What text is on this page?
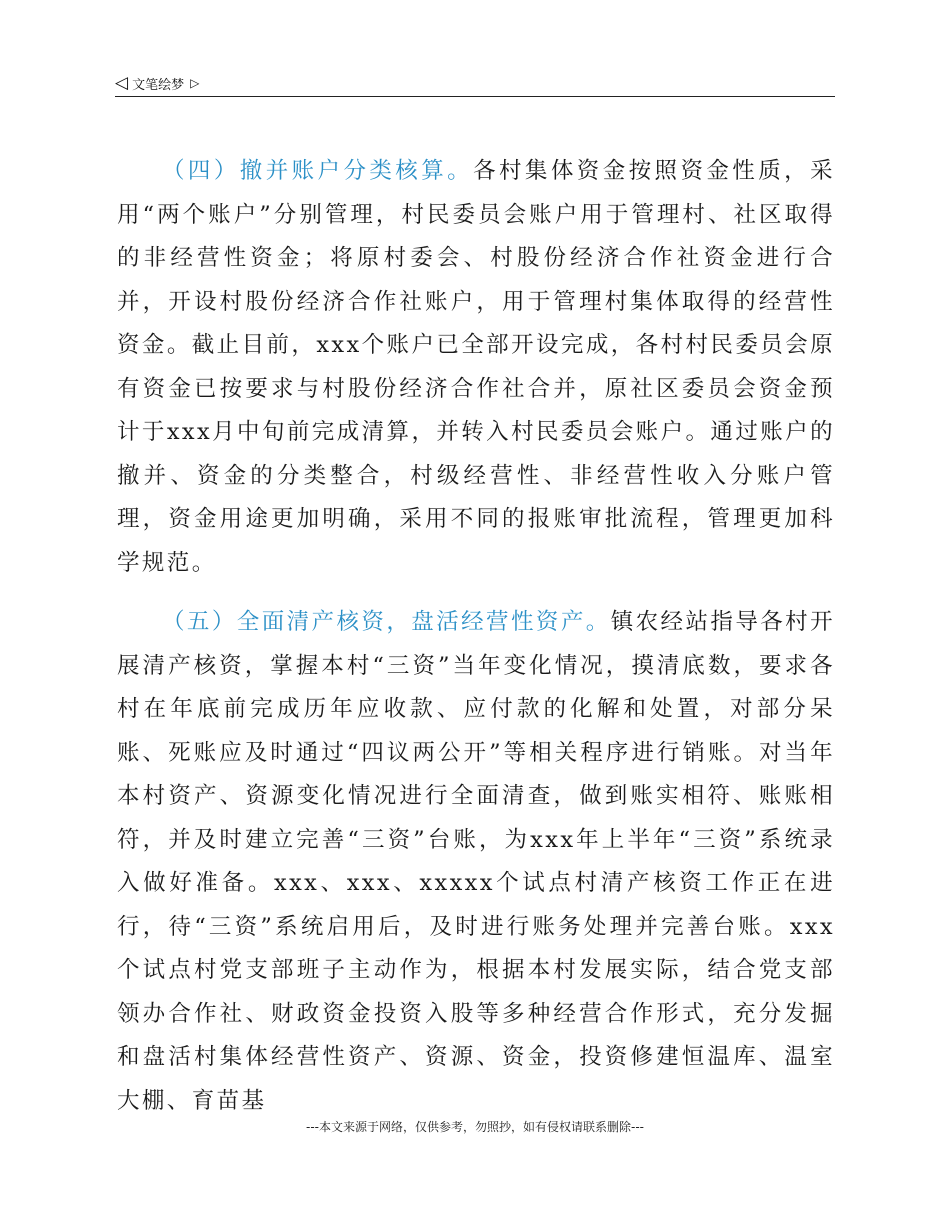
◁ 文笔绘梦 ▷

（四）撤并账户分类核算。各村集体资金按照资金性质，采用“两个账户”分别管理，村民委员会账户用于管理村、社区取得的非经营性资金；将原村委会、村股份经济合作社资金进行合并，开设村股份经济合作社账户，用于管理村集体取得的经营性资金。截止目前，xxx个账户已全部开设完成，各村村民委员会原有资金已按要求与村股份经济合作社合并，原社区委员会资金预计于xxx月中旬前完成清算，并转入村民委员会账户。通过账户的撤并、资金的分类整合，村级经营性、非经营性收入分账户管理，资金用途更加明确，采用不同的报账审批流程，管理更加科学规范。

（五）全面清产核资，盘活经营性资产。镇农经站指导各村开展清产核资，掌握本村“三资”当年变化情况，摸清底数，要求各村在年底前完成历年应收款、应付款的化解和处置，对部分呆账、死账应及时通过“四议两公开”等相关程序进行销账。对当年本村资产、资源变化情况进行全面清查，做到账实相符、账账相符，并及时建立完善“三资”台账，为xxx年上半年“三资”系统录入做好准备。xxx、xxx、xxxxx个试点村清产核资工作正在进行，待“三资”系统启用后，及时进行账务处理并完善台账。xxx个试点村党支部班子主动作为，根据本村发展实际，结合党支部领办合作社、财政资金投资入股等多种经营合作形式，充分发掘和盘活村集体经营性资产、资源、资金，投资修建恒温库、温室大棚、育苗基

---本文来源于网络，仅供参考，勿照抄，如有侵权请联系删除---
